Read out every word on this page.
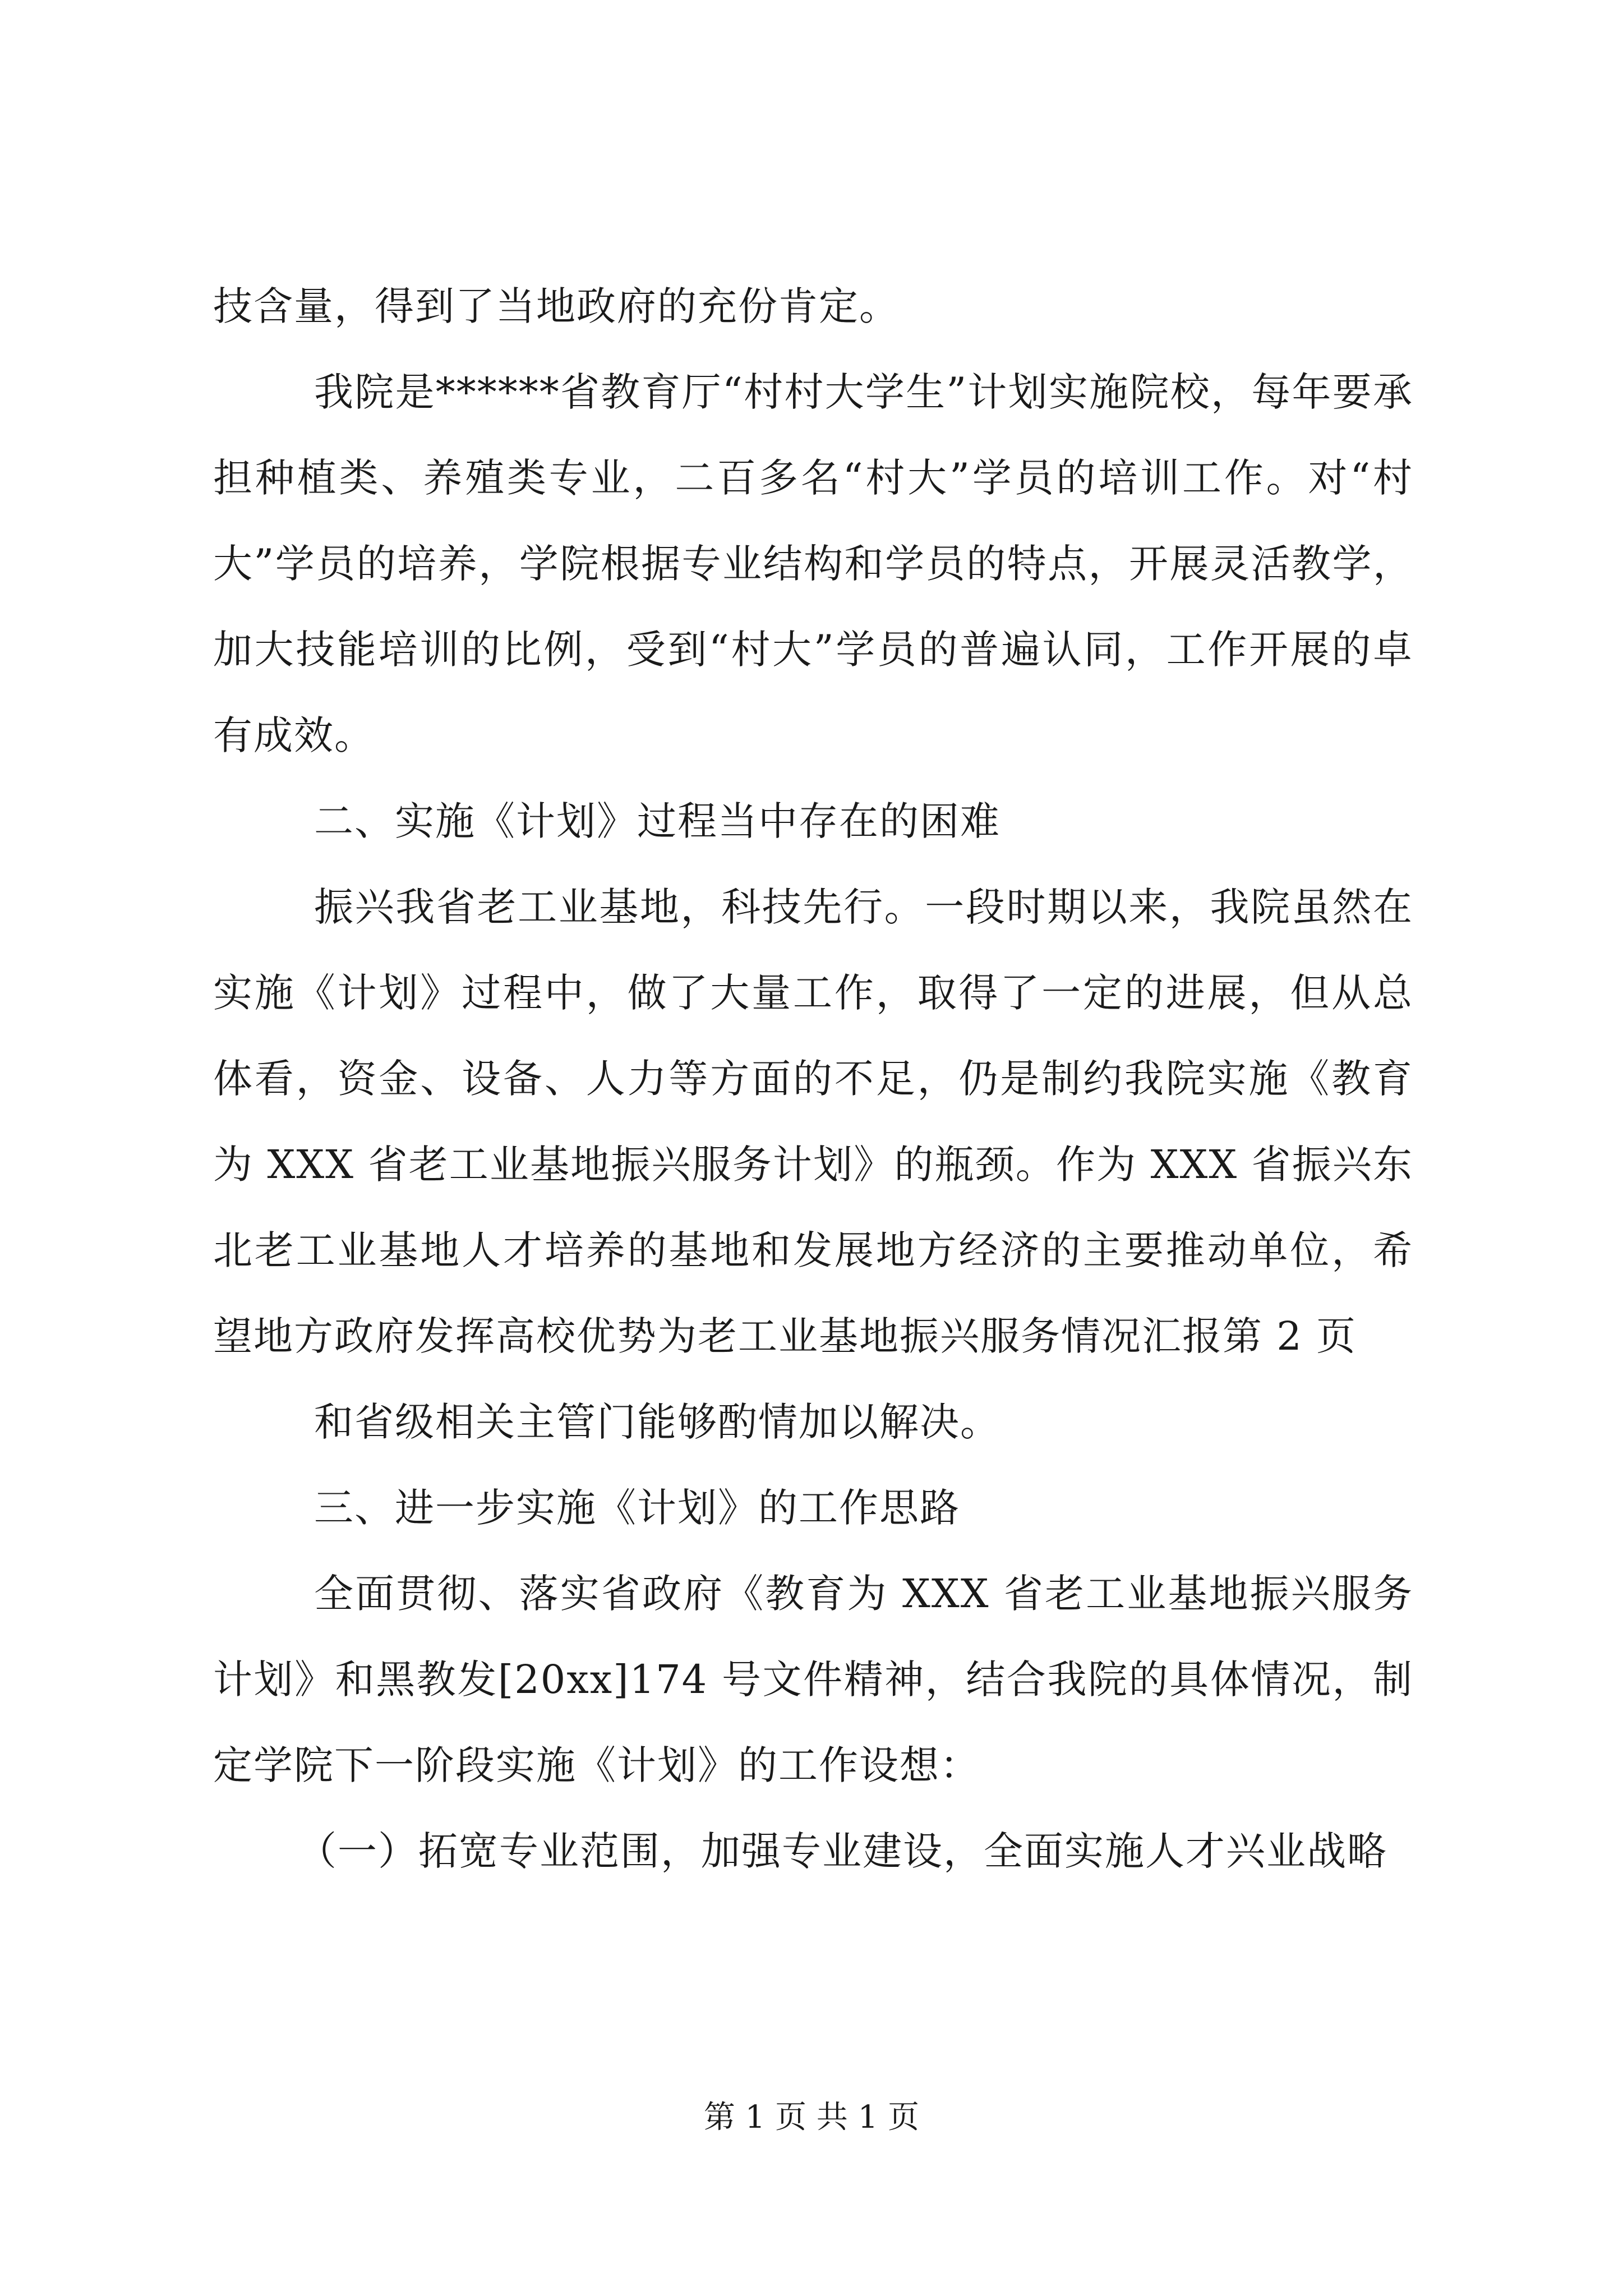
技含量，得到了当地政府的充份肯定。

我院是******省教育厅“村村大学生”计划实施院校，每年要承担种植类、养殖类专业，二百多名“村大”学员的培训工作。对“村大”学员的培养，学院根据专业结构和学员的特点，开展灵活教学，加大技能培训的比例，受到“村大”学员的普遍认同，工作开展的卓有成效。

二、实施《计划》过程当中存在的困难

振兴我省老工业基地，科技先行。一段时期以来，我院虽然在实施《计划》过程中，做了大量工作，取得了一定的进展，但从总体看，资金、设备、人力等方面的不足，仍是制约我院实施《教育为 XXX 省老工业基地振兴服务计划》的瓶颈。作为 XXX 省振兴东北老工业基地人才培养的基地和发展地方经济的主要推动单位，希望地方政府发挥高校优势为老工业基地振兴服务情况汇报第 2 页

和省级相关主管门能够酌情加以解决。

三、进一步实施《计划》的工作思路

全面贯彻、落实省政府《教育为 XXX 省老工业基地振兴服务计划》和黑教发[20xx]174 号文件精神，结合我院的具体情况，制定学院下一阶段实施《计划》的工作设想：

（一）拓宽专业范围，加强专业建设，全面实施人才兴业战略

第 1 页 共 1 页
